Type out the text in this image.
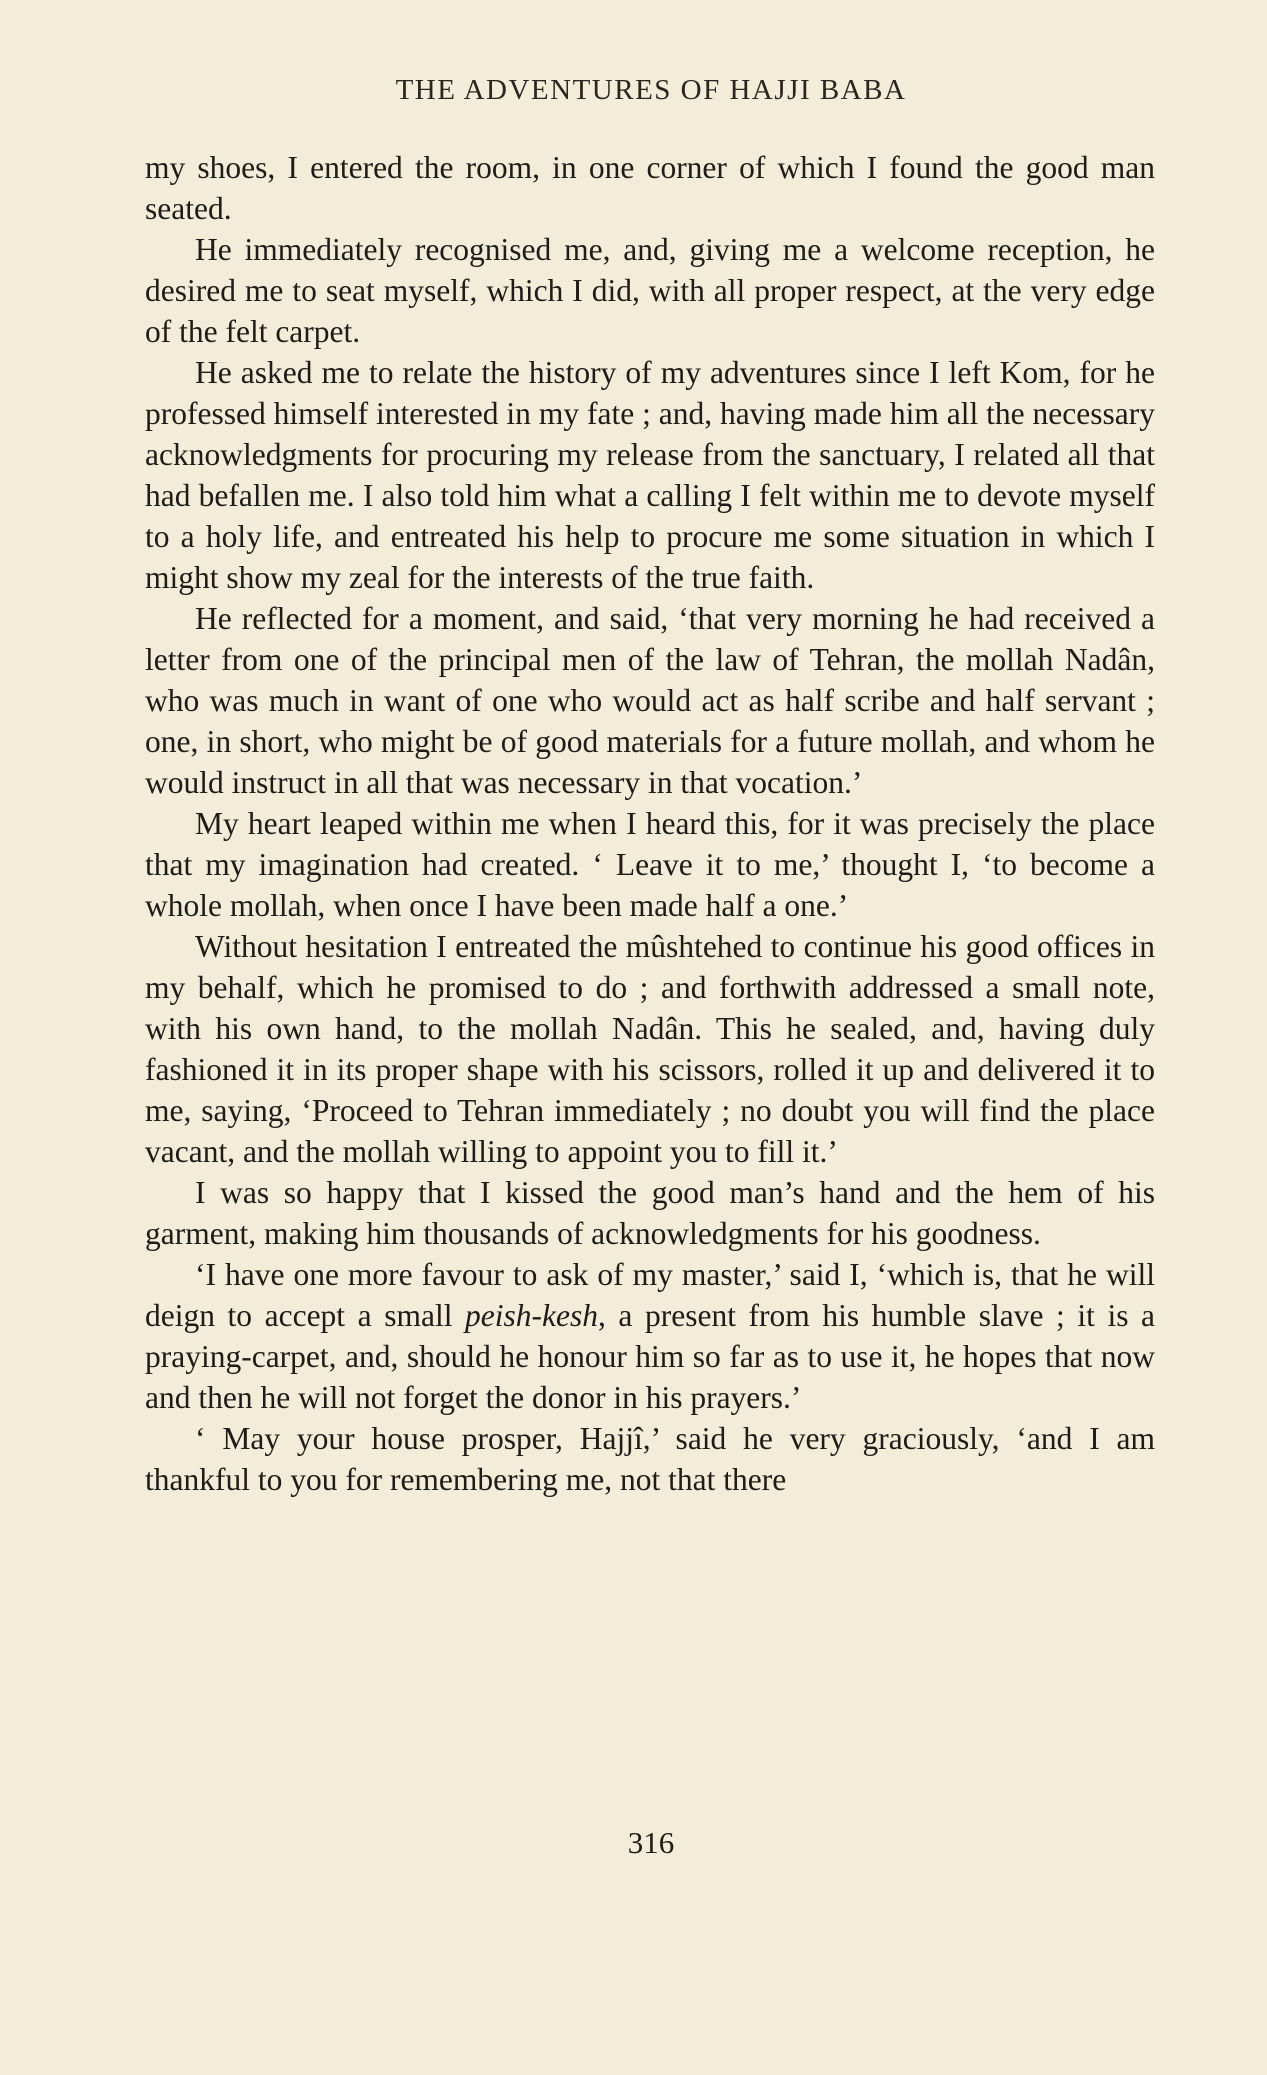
THE ADVENTURES OF HAJJI BABA

my shoes, I entered the room, in one corner of which I found the good man seated.

He immediately recognised me, and, giving me a welcome reception, he desired me to seat myself, which I did, with all proper respect, at the very edge of the felt carpet.

He asked me to relate the history of my adventures since I left Kom, for he professed himself interested in my fate ; and, having made him all the necessary acknowledgments for procuring my release from the sanctuary, I related all that had befallen me. I also told him what a calling I felt within me to devote myself to a holy life, and entreated his help to procure me some situation in which I might show my zeal for the interests of the true faith.

He reflected for a moment, and said, ‘that very morning he had received a letter from one of the principal men of the law of Tehran, the mollah Nadân, who was much in want of one who would act as half scribe and half servant ; one, in short, who might be of good materials for a future mollah, and whom he would instruct in all that was necessary in that vocation.’

My heart leaped within me when I heard this, for it was precisely the place that my imagination had created. ‘ Leave it to me,’ thought I, ‘to become a whole mollah, when once I have been made half a one.’

Without hesitation I entreated the mûshtehed to continue his good offices in my behalf, which he promised to do ; and forthwith addressed a small note, with his own hand, to the mollah Nadân. This he sealed, and, having duly fashioned it in its proper shape with his scissors, rolled it up and delivered it to me, saying, ‘Proceed to Tehran immediately ; no doubt you will find the place vacant, and the mollah willing to appoint you to fill it.’

I was so happy that I kissed the good man’s hand and the hem of his garment, making him thousands of acknowledgments for his goodness.

‘I have one more favour to ask of my master,’ said I, ‘which is, that he will deign to accept a small peish-kesh, a present from his humble slave ; it is a praying-carpet, and, should he honour him so far as to use it, he hopes that now and then he will not forget the donor in his prayers.’

‘ May your house prosper, Hajjî,’ said he very graciously, ‘and I am thankful to you for remembering me, not that there

316
